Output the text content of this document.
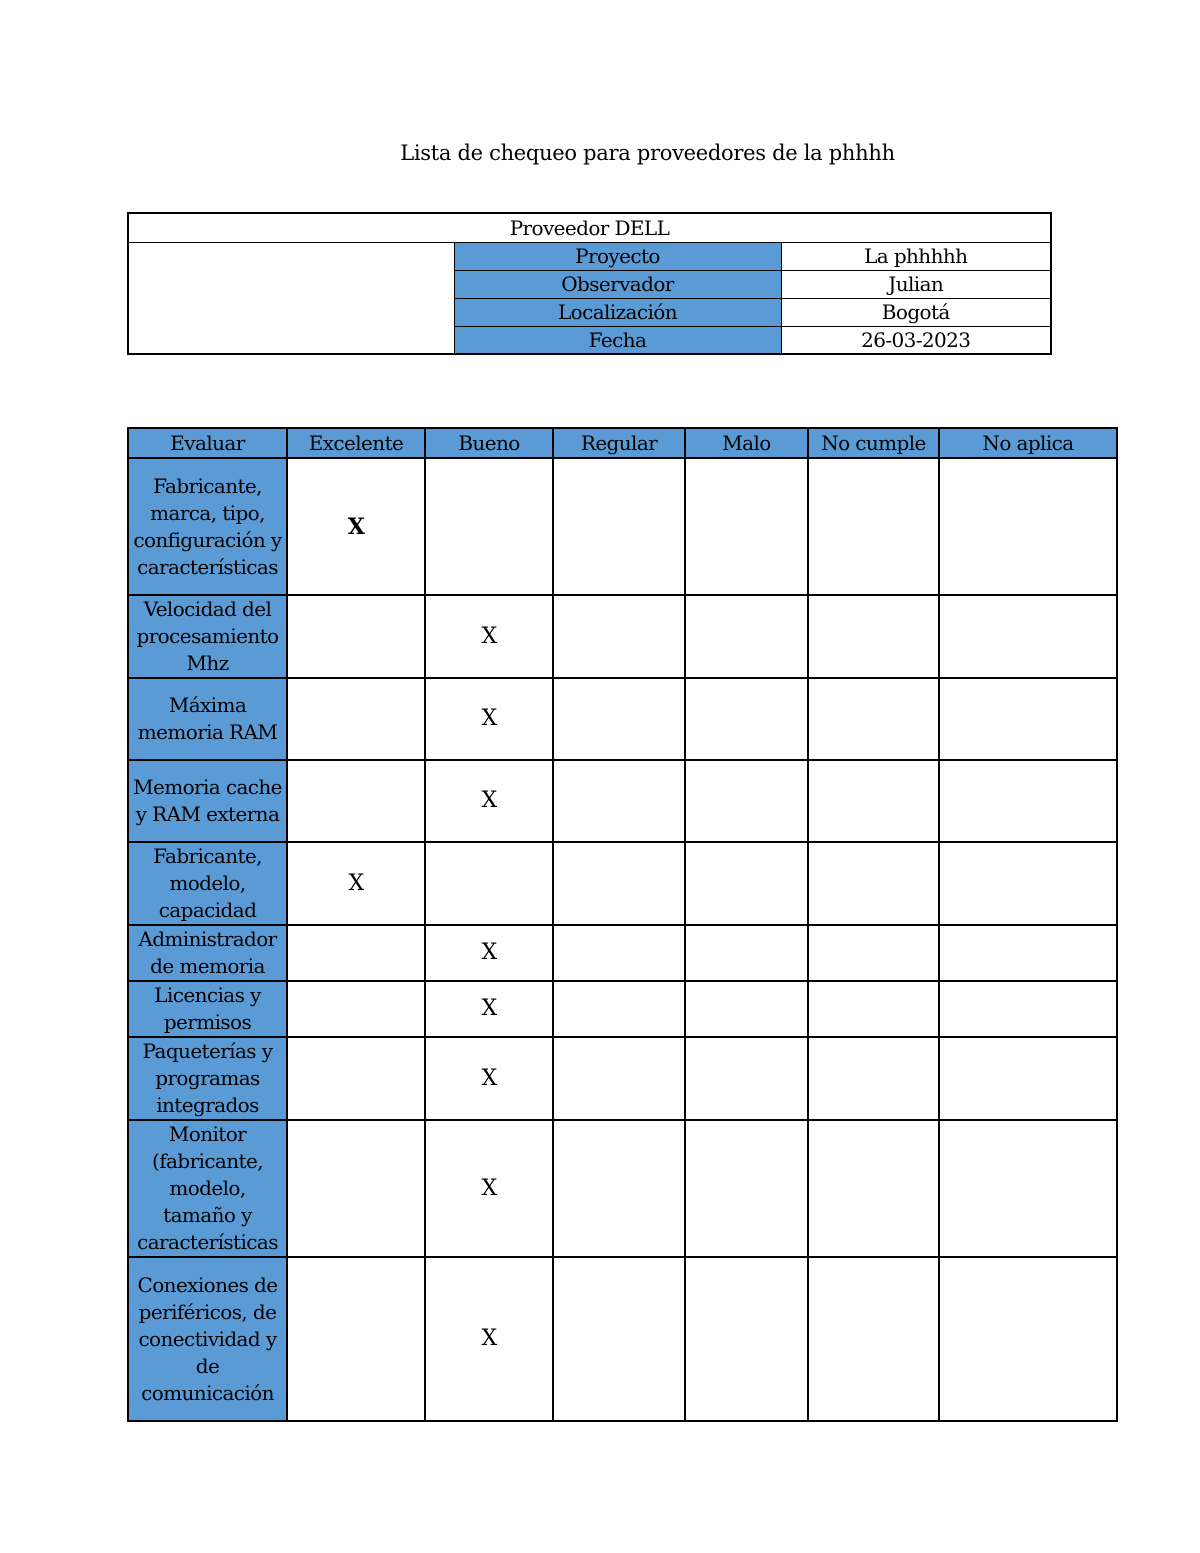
Lista de chequeo para proveedores de la phhhh
Proveedor DELL		
	Proyecto	La phhhhh
	Observador	Julian
	Localización	Bogotá
	Fecha	26-03-2023
Evaluar	Excelente	Bueno	Regular	Malo	No cumple	No aplica
Fabricante, marca, tipo, configuración y características	X					
Velocidad del procesamiento Mhz		X				
Máxima memoria RAM		X				
Memoria cache y RAM externa		X				
Fabricante, modelo, capacidad	X					
Administrador de memoria		X				
Licencias y permisos		X				
Paqueterías y programas integrados		X				
Monitor (fabricante, modelo, tamaño y características		X				
Conexiones de periféricos, de conectividad y de comunicación		X				
